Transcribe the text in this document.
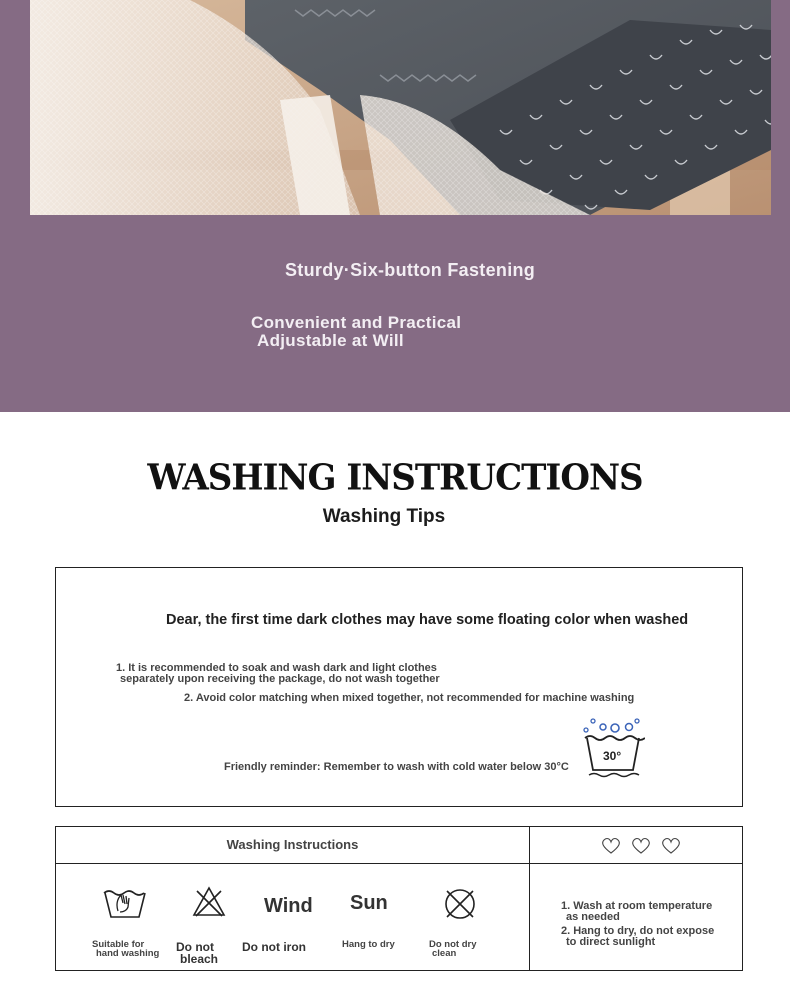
Sturdy·Six-button Fastening
Convenient and Practical
Adjustable at Will
WASHING INSTRUCTIONS
Washing Tips
Dear, the first time dark clothes may have some floating color when washed
1. It is recommended to soak and wash dark and light clothes
separately upon receiving the package, do not wash together
2. Avoid color matching when mixed together, not recommended for machine washing
Friendly reminder: Remember to wash with cold water below 30°C
30°
Washing Instructions
Suitable for
hand washing Do not
bleach
Wind
Do not iron
Sun
Hang to dry	Do not dry
clean
1. Wash at room temperature
as needed
2. Hang to dry, do not expose
to direct sunlight
